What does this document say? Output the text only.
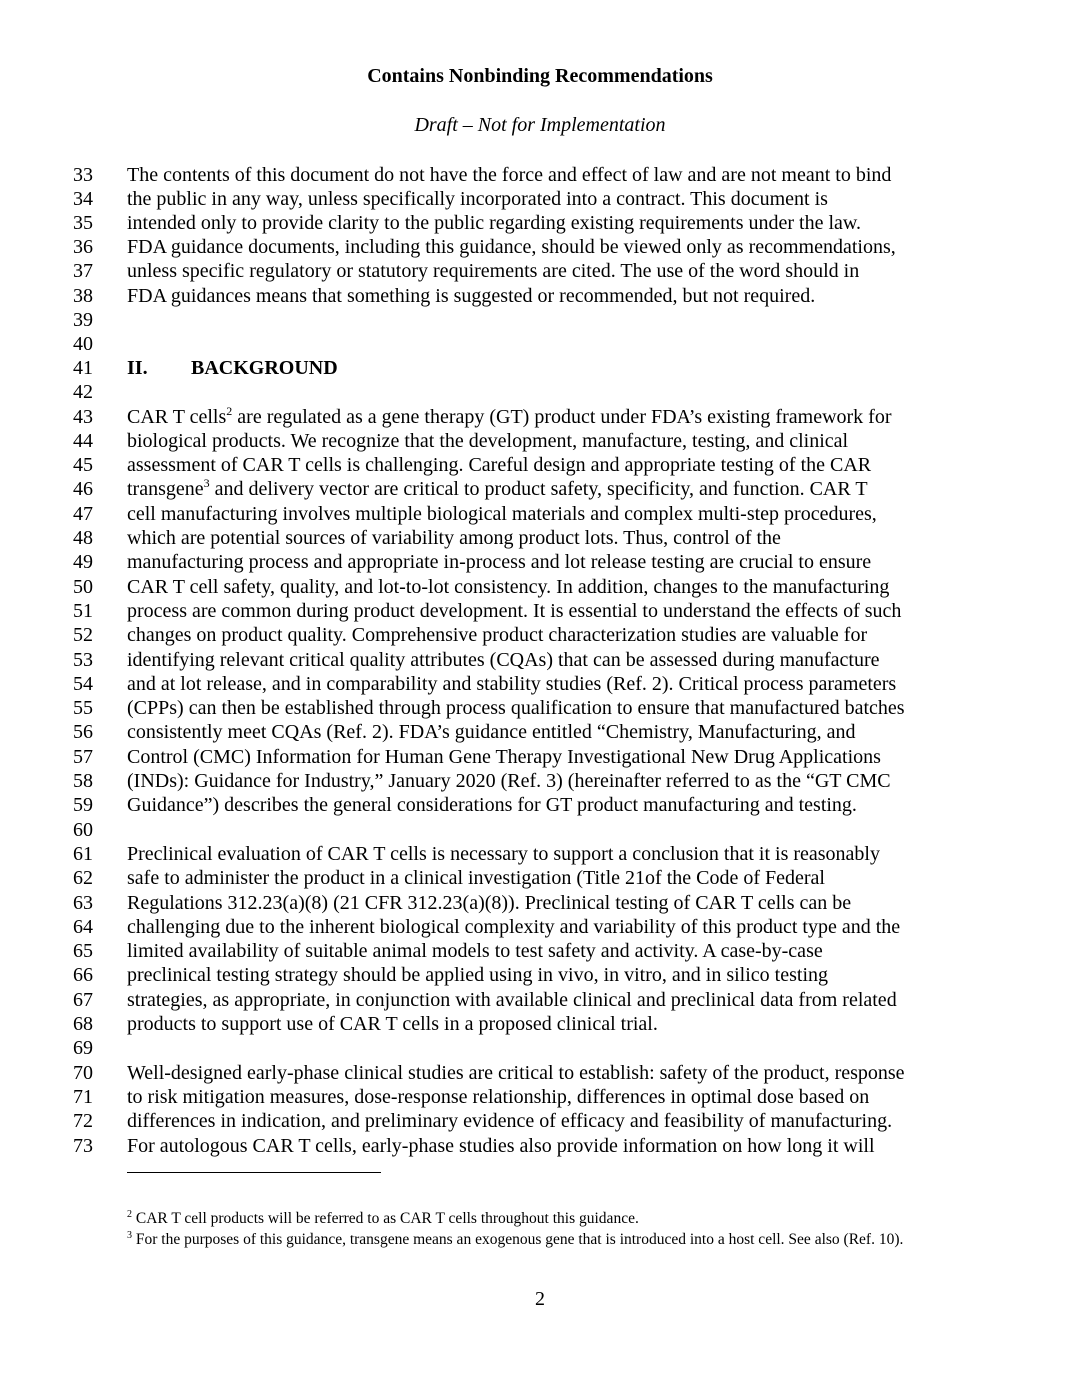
Contains Nonbinding Recommendations
Draft – Not for Implementation
33	The contents of this document do not have the force and effect of law and are not meant to bind
34	the public in any way, unless specifically incorporated into a contract. This document is
35	intended only to provide clarity to the public regarding existing requirements under the law.
36	FDA guidance documents, including this guidance, should be viewed only as recommendations,
37	unless specific regulatory or statutory requirements are cited. The use of the word should in
38	FDA guidances means that something is suggested or recommended, but not required.
39
40
41	II. BACKGROUND
42
43	CAR T cells$^2$ are regulated as a gene therapy (GT) product under FDA’s existing framework for
44	biological products. We recognize that the development, manufacture, testing, and clinical
45	assessment of CAR T cells is challenging. Careful design and appropriate testing of the CAR
46	transgene$^3$ and delivery vector are critical to product safety, specificity, and function. CAR T
47	cell manufacturing involves multiple biological materials and complex multi-step procedures,
48	which are potential sources of variability among product lots. Thus, control of the
49	manufacturing process and appropriate in-process and lot release testing are crucial to ensure
50	CAR T cell safety, quality, and lot-to-lot consistency. In addition, changes to the manufacturing
51	process are common during product development. It is essential to understand the effects of such
52	changes on product quality. Comprehensive product characterization studies are valuable for
53	identifying relevant critical quality attributes (CQAs) that can be assessed during manufacture
54	and at lot release, and in comparability and stability studies (Ref. 2). Critical process parameters
55	(CPPs) can then be established through process qualification to ensure that manufactured batches
56	consistently meet CQAs (Ref. 2). FDA’s guidance entitled “Chemistry, Manufacturing, and
57	Control (CMC) Information for Human Gene Therapy Investigational New Drug Applications
58	(INDs): Guidance for Industry,” January 2020 (Ref. 3) (hereinafter referred to as the “GT CMC
59	Guidance”) describes the general considerations for GT product manufacturing and testing.
60
61	Preclinical evaluation of CAR T cells is necessary to support a conclusion that it is reasonably
62	safe to administer the product in a clinical investigation (Title 21of the Code of Federal
63	Regulations 312.23(a)(8) (21 CFR 312.23(a)(8)). Preclinical testing of CAR T cells can be
64	challenging due to the inherent biological complexity and variability of this product type and the
65	limited availability of suitable animal models to test safety and activity. A case-by-case
66	preclinical testing strategy should be applied using in vivo, in vitro, and in silico testing
67	strategies, as appropriate, in conjunction with available clinical and preclinical data from related
68	products to support use of CAR T cells in a proposed clinical trial.
69
70	Well-designed early-phase clinical studies are critical to establish: safety of the product, response
71	to risk mitigation measures, dose-response relationship, differences in optimal dose based on
72	differences in indication, and preliminary evidence of efficacy and feasibility of manufacturing.
73	For autologous CAR T cells, early-phase studies also provide information on how long it will
$^2$ CAR T cell products will be referred to as CAR T cells throughout this guidance.
$^3$ For the purposes of this guidance, transgene means an exogenous gene that is introduced into a host cell. See also (Ref. 10).
2
